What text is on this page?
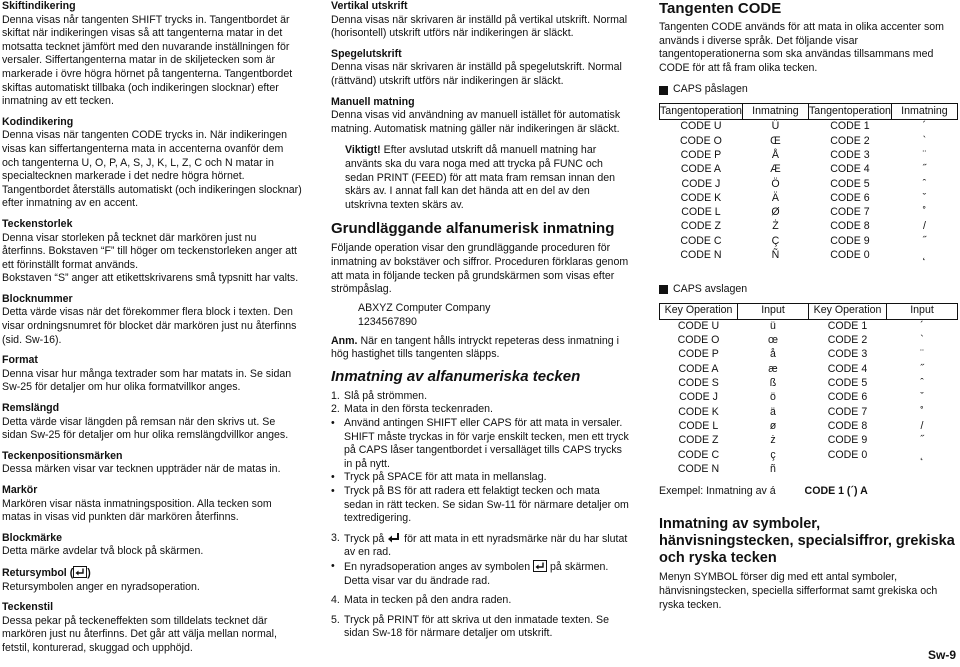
Skiftindikering

Denna visas når tangenten SHIFT trycks in. Tangentbordet är skiftat när indikeringen visas så att tangenterna matar in det motsatta tecknet jämfört med den nuvarande inställningen för versaler. Siffertangenterna matar in de skiljetecken som är markerade i övre högra hörnet på tangenterna. Tangentbordet skiftas automatiskt tillbaka (och indikeringen slocknar) efter inmatning av ett tecken.

Kodindikering

Denna visas när tangenten CODE trycks in. När indikeringen visas kan siffertangenterna mata in accenterna ovanför dem och tangenterna U, O, P, A, S, J, K, L, Z, C och N matar in specialtecknen markerade i det nedre högra hörnet. Tangentbordet återställs automatiskt (och indikeringen slocknar) efter inmatning av en accent.

Teckenstorlek

Denna visar storleken på tecknet där markören just nu återfinns. Bokstaven “F” till höger om teckenstorleken anger att ett förinställt format används.
Bokstaven “S” anger att etikettskrivarens små typsnitt har valts.

Blocknummer

Detta värde visas när det förekommer flera block i texten. Den visar ordningsnumret för blocket där markören just nu återfinns (sid. Sw-16).

Format

Denna visar hur många textrader som har matats in. Se sidan Sw-25 för detaljer om hur olika formatvillkor anges.

Remslängd

Detta värde visar längden på remsan när den skrivs ut. Se sidan Sw-25 för detaljer om hur olika remslängdvillkor anges.

Teckenpositionsmärken

Dessa märken visar var tecknen uppträder när de matas in.

Markör

Markören visar nästa inmatningsposition. Alla tecken som matas in visas vid punkten där markören återfinns.

Blockmärke

Detta märke avdelar två block på skärmen.

Retursymbol ( )

Retursymbolen anger en nyradsoperation.

Teckenstil

Dessa pekar på teckeneffekten som tilldelats tecknet där markören just nu återfinns. Det går att välja mellan normal, fetstil, konturerad, skuggad och upphöjd.

Vertikal utskrift

Denna visas när skrivaren är inställd på vertikal utskrift. Normal (horisontell) utskrift utförs när indikeringen är släckt.

Spegelutskrift

Denna visas när skrivaren är inställd på spegelutskrift. Normal (rättvänd) utskrift utförs när indikeringen är släckt.

Manuell matning

Denna visas vid användning av manuell istället för automatisk matning. Automatisk matning gäller när indikeringen är släckt.

Viktigt! Efter avslutad utskrift då manuell matning har använts ska du vara noga med att trycka på FUNC och sedan PRINT (FEED) för att mata fram remsan innan den skärs av. I annat fall kan det hända att en del av den utskrivna texten skärs av.

Grundläggande alfanumerisk inmatning

Följande operation visar den grundläggande proceduren för inmatning av bokstäver och siffror. Proceduren förklaras genom att mata in följande tecken på grundskärmen som visas efter strömpåslag.

ABXYZ Computer Company
1234567890

Anm. När en tangent hålls intryckt repeteras dess inmatning i hög hastighet tills tangenten släpps.

Inmatning av alfanumeriska tecken
1. Slå på strömmen.
2. Mata in den första teckenraden.
• Använd antingen SHIFT eller CAPS för att mata in versaler. SHIFT måste tryckas in för varje enskilt tecken, men ett tryck på CAPS låser tangentbordet i versalläget tills CAPS trycks in på nytt.
• Tryck på SPACE för att mata in mellanslag.
• Tryck på BS för att radera ett felaktigt tecken och mata sedan in rätt tecken. Se sidan Sw-11 för närmare detaljer om textredigering.
3. Tryck på för att mata in ett nyradsmärke när du har slutat av en rad.
• En nyradsoperation anges av symbolen på skärmen. Detta visar var du ändrade rad.
4. Mata in tecken på den andra raden.
5. Tryck på PRINT för att skriva ut den inmatade texten. Se sidan Sw-18 för närmare detaljer om utskrift.
Tangenten CODE

Tangenten CODE används för att mata in olika accenter som används i diverse språk. Det följande visar tangentoperationerna som ska användas tillsammans med CODE för att få fram olika tecken.

CAPS påslagen
Tangentoperation	Inmatning	Tangentoperation	Inmatning
CODE U	Ü	CODE 1	´
CODE O	Œ	CODE 2	`
CODE P	Å	CODE 3	¨
CODE A	Æ	CODE 4	˝
CODE J	Ö	CODE 5	ˆ
CODE K	Ä	CODE 6	ˇ
CODE L	Ø	CODE 7	˚
CODE Z	Ż	CODE 8	/
CODE C	Ç	CODE 9	˝
CODE N	Ñ	CODE 0	˛
CAPS avslagen
Key Operation	Input	Key Operation	Input
CODE U	ü	CODE 1	´
CODE O	œ	CODE 2	`
CODE P	å	CODE 3	¨
CODE A	æ	CODE 4	˝
CODE S	ß	CODE 5	ˆ
CODE J	ö	CODE 6	ˇ
CODE K	ä	CODE 7	˚
CODE L	ø	CODE 8	/
CODE Z	ż	CODE 9	˝
CODE C	ç	CODE 0	˛
CODE N	ñ		

Exempel: Inmatning av á	CODE 1 (´) A

Inmatning av symboler, hänvisningstecken, specialsiffror, grekiska och ryska tecken

Menyn SYMBOL förser dig med ett antal symboler, hänvisningstecken, speciella sifferformat samt grekiska och ryska tecken.

Sw-9
